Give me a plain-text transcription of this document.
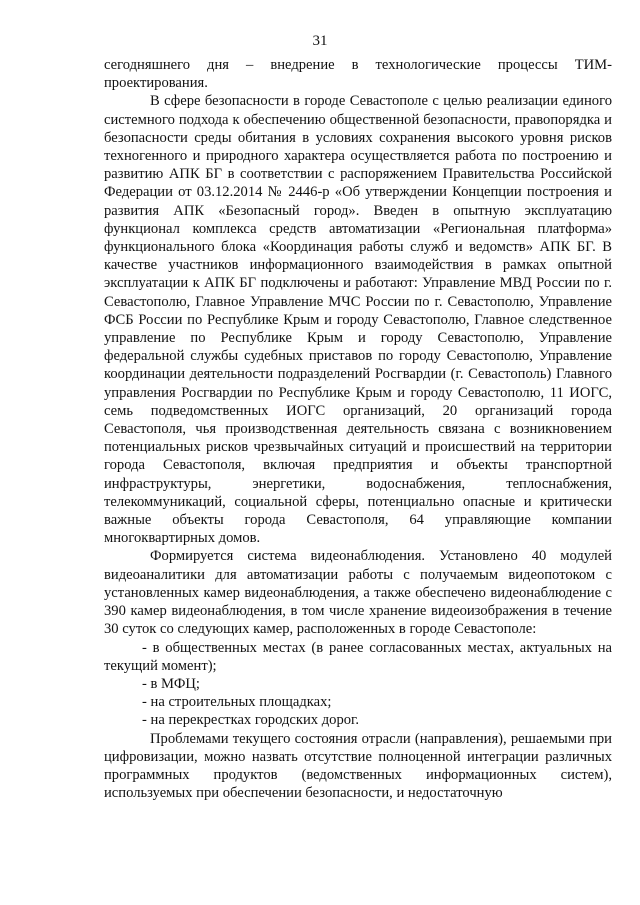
31

сегодняшнего дня – внедрение в технологические процессы ТИМ-проектирования.

В сфере безопасности в городе Севастополе с целью реализации единого системного подхода к обеспечению общественной безопасности, правопорядка и безопасности среды обитания в условиях сохранения высокого уровня рисков техногенного и природного характера осуществляется работа по построению и развитию АПК БГ в соответствии с распоряжением Правительства Российской Федерации от 03.12.2014 № 2446-р «Об утверждении Концепции построения и развития АПК «Безопасный город». Введен в опытную эксплуатацию функционал комплекса средств автоматизации «Региональная платформа» функционального блока «Координация работы служб и ведомств» АПК БГ. В качестве участников информационного взаимодействия в рамках опытной эксплуатации к АПК БГ подключены и работают: Управление МВД России по г. Севастополю, Главное Управление МЧС России по г. Севастополю, Управление ФСБ России по Республике Крым и городу Севастополю, Главное следственное управление по Республике Крым и городу Севастополю, Управление федеральной службы судебных приставов по городу Севастополю, Управление координации деятельности подразделений Росгвардии (г. Севастополь) Главного управления Росгвардии по Республике Крым и городу Севастополю, 11 ИОГС, семь подведомственных ИОГС организаций, 20 организаций города Севастополя, чья производственная деятельность связана с возникновением потенциальных рисков чрезвычайных ситуаций и происшествий на территории города Севастополя, включая предприятия и объекты транспортной инфраструктуры, энергетики, водоснабжения, теплоснабжения, телекоммуникаций, социальной сферы, потенциально опасные и критически важные объекты города Севастополя, 64 управляющие компании многоквартирных домов.

Формируется система видеонаблюдения. Установлено 40 модулей видеоаналитики для автоматизации работы с получаемым видеопотоком с установленных камер видеонаблюдения, а также обеспечено видеонаблюдение с 390 камер видеонаблюдения, в том числе хранение видеоизображения в течение 30 суток со следующих камер, расположенных в городе Севастополе:

- в общественных местах (в ранее согласованных местах, актуальных на текущий момент);

- в МФЦ;

- на строительных площадках;

- на перекрестках городских дорог.

Проблемами текущего состояния отрасли (направления), решаемыми при цифровизации, можно назвать отсутствие полноценной интеграции различных программных продуктов (ведомственных информационных систем), используемых при обеспечении безопасности, и недостаточную
